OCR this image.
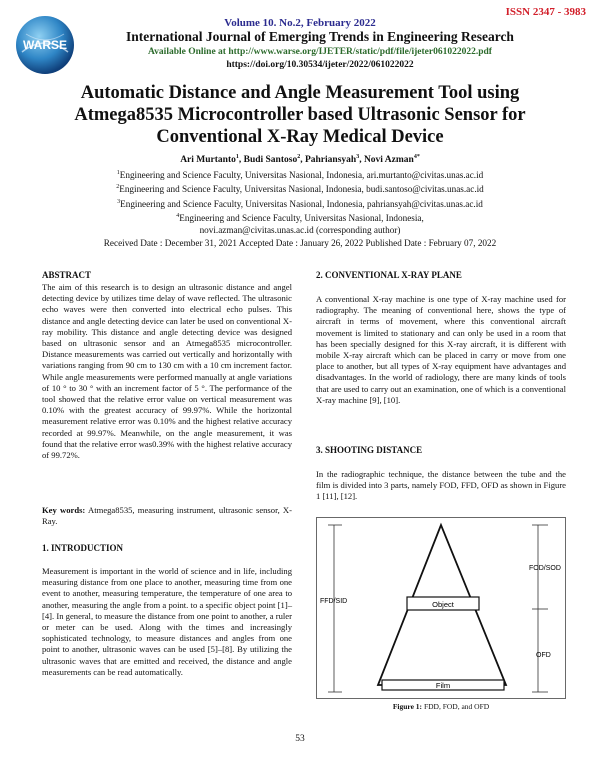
ISSN 2347 - 3983
WARSE
Volume 10. No.2, February 2022
International Journal of Emerging Trends in Engineering Research
Available Online at http://www.warse.org/IJETER/static/pdf/file/ijeter061022022.pdf
https://doi.org/10.30534/ijeter/2022/061022022
Automatic Distance and Angle Measurement Tool using
Atmega8535 Microcontroller based Ultrasonic Sensor for
Conventional X-Ray Medical Device
Ari Murtanto$^1$, Budi Santoso$^2$, Pahriansyah$^3$, Novi Azman$^{4*}$
$^1$Engineering and Science Faculty, Universitas Nasional, Indonesia, ari.murtanto@civitas.unas.ac.id
$^2$Engineering and Science Faculty, Universitas Nasional, Indonesia, budi.santoso@civitas.unas.ac.id
$^3$Engineering and Science Faculty, Universitas Nasional, Indonesia, pahriansyah@civitas.unas.ac.id
$^4$Engineering and Science Faculty, Universitas Nasional, Indonesia,
novi.azman@civitas.unas.ac.id (corresponding author)
Received Date : December 31, 2021 Accepted Date : January 26, 2022 Published Date : February 07, 2022
ABSTRACT
The aim of this research is to design an ultrasonic distance and angel detecting device by utilizes time delay of wave reflected. The ultrasonic echo waves were then converted into electrical echo pulses. This distance and angle detecting device can later be used on conventional X-ray mobility. This distance and angle detecting device was designed based on ultrasonic sensor and an Atmega8535 microcontroller. Distance measurements was carried out vertically and horizontally with variations ranging from 90 cm to 130 cm with a 10 cm increment factor. While angle measurements were performed manually at angle variations of 10 ° to 30 ° with an increment factor of 5 °. The performance of the tool showed that the relative error value on vertical measurement was 0.10% with the greatest accuracy of 99.97%. While the horizontal measurement relative error was 0.10% and the highest relative accuracy recorded at 99.97%. Meanwhile, on the angle measurement, it was found that the relative error was0.39% with the highest relative accuracy of 99.72%.
Key words: Atmega8535, measuring instrument, ultrasonic sensor, X-Ray.
1. INTRODUCTION
Measurement is important in the world of science and in life, including measuring distance from one place to another, measuring time from one event to another, measuring temperature, the temperature of one area to another, measuring the angle from a point. to a specific object point [1]–[4]. In general, to measure the distance from one point to another, a ruler or meter can be used. Along with the times and increasingly sophisticated technology, to measure distances and angles from one point to another, ultrasonic waves can be used [5]–[8]. By utilizing the ultrasonic waves that are emitted and received, the distance and angle measurements can be read automatically.
2. CONVENTIONAL X-RAY PLANE
A conventional X-ray machine is one type of X-ray machine used for radiography. The meaning of conventional here, shows the type of aircraft in terms of movement, where this conventional aircraft movement is limited to stationary and can only be used in a room that has been specially designed for this X-ray aircraft, it is different with mobile X-ray aircraft which can be placed in carry or move from one place to another, but all types of X-ray equipment have advantages and disadvantages. In the world of radiology, there are many kinds of tools that are used to carry out an examination, one of which is a conventional X-ray machine [9], [10].
3. SHOOTING DISTANCE
In the radiographic technique, the distance between the tube and the film is divided into 3 parts, namely FOD, FFD, OFD as shown in Figure 1 [11], [12].
Object
Film
FFD/SID
FOD/SOD
OFD
Figure 1: FDD, FOD, and OFD
53
